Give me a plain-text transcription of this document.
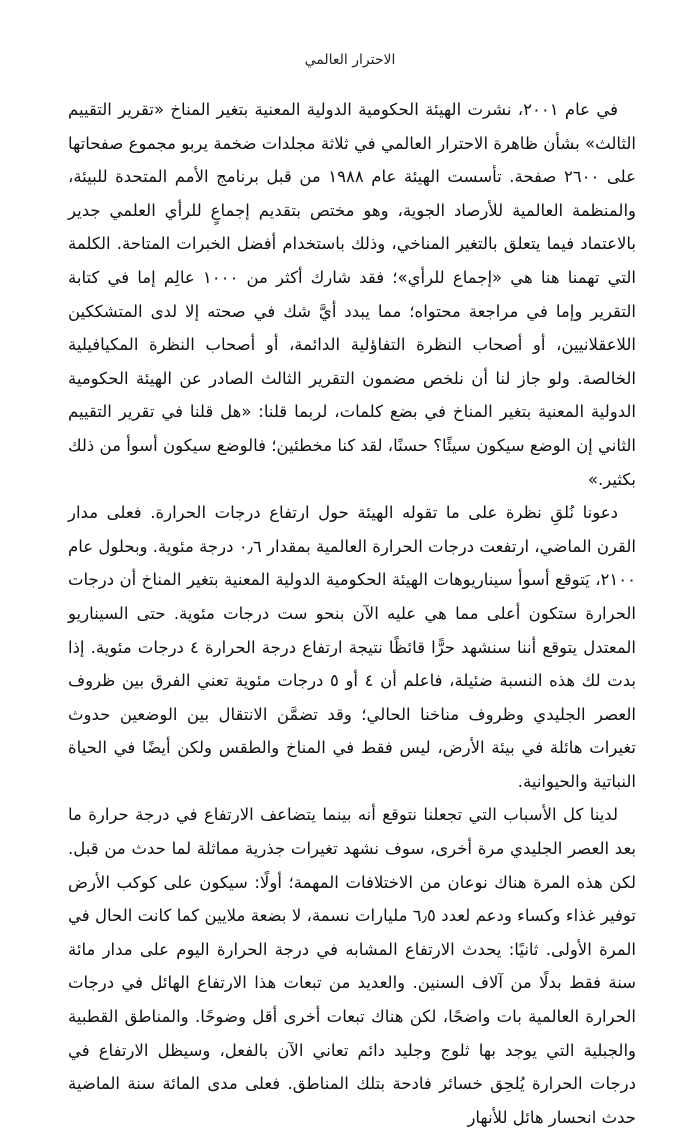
الاحترار العالمي

في عام ٢٠٠١، نشرت الهيئة الحكومية الدولية المعنية بتغير المناخ «تقرير التقييم الثالث» بشأن ظاهرة الاحترار العالمي في ثلاثة مجلدات ضخمة يربو مجموع صفحاتها على ٢٦٠٠ صفحة. تأسست الهيئة عام ١٩٨٨ من قبل برنامج الأمم المتحدة للبيئة، والمنظمة العالمية للأرصاد الجوية، وهو مختص بتقديم إجماعٍ للرأي العلمي جدير بالاعتماد فيما يتعلق بالتغير المناخي، وذلك باستخدام أفضل الخبرات المتاحة. الكلمة التي تهمنا هنا هي «إجماع للرأي»؛ فقد شارك أكثر من ١٠٠٠ عالِم إما في كتابة التقرير وإما في مراجعة محتواه؛ مما يبدد أيَّ شك في صحته إلا لدى المتشككين اللاعقلانيين، أو أصحاب النظرة التفاؤلية الدائمة، أو أصحاب النظرة المكيافيلية الخالصة. ولو جاز لنا أن نلخص مضمون التقرير الثالث الصادر عن الهيئة الحكومية الدولية المعنية بتغير المناخ في بضع كلمات، لربما قلنا: «هل قلنا في تقرير التقييم الثاني إن الوضع سيكون سيئًا؟ حسنًا، لقد كنا مخطئين؛ فالوضع سيكون أسوأ من ذلك بكثير.»

دعونا نُلقِ نظرة على ما تقوله الهيئة حول ارتفاع درجات الحرارة. فعلى مدار القرن الماضي، ارتفعت درجات الحرارة العالمية بمقدار ٠٫٦ درجة مئوية. وبحلول عام ٢١٠٠، يَتوقع أسوأ سيناريوهات الهيئة الحكومية الدولية المعنية بتغير المناخ أن درجات الحرارة ستكون أعلى مما هي عليه الآن بنحو ست درجات مئوية. حتى السيناريو المعتدل يتوقع أننا سنشهد حرًّا قائظًا نتيجة ارتفاع درجة الحرارة ٤ درجات مئوية. إذا بدت لك هذه النسبة ضئيلة، فاعلم أن ٤ أو ٥ درجات مئوية تعني الفرق بين ظروف العصر الجليدي وظروف مناخنا الحالي؛ وقد تضمَّن الانتقال بين الوضعين حدوث تغيرات هائلة في بيئة الأرض، ليس فقط في المناخ والطقس ولكن أيضًا في الحياة النباتية والحيوانية.

لدينا كل الأسباب التي تجعلنا نتوقع أنه بينما يتضاعف الارتفاع في درجة حرارة ما بعد العصر الجليدي مرة أخرى، سوف نشهد تغيرات جذرية مماثلة لما حدث من قبل. لكن هذه المرة هناك نوعان من الاختلافات المهمة؛ أولًا: سيكون على كوكب الأرض توفير غذاء وكساء ودعم لعدد ٦٫٥ مليارات نسمة، لا بضعة ملايين كما كانت الحال في المرة الأولى. ثانيًا: يحدث الارتفاع المشابه في درجة الحرارة اليوم على مدار مائة سنة فقط بدلًا من آلاف السنين. والعديد من تبعات هذا الارتفاع الهائل في درجات الحرارة العالمية بات واضحًا، لكن هناك تبعات أخرى أقل وضوحًا. والمناطق القطبية والجبلية التي يوجد بها ثلوج وجليد دائم تعاني الآن بالفعل، وسيظل الارتفاع في درجات الحرارة يُلحِق خسائر فادحة بتلك المناطق. فعلى مدى المائة سنة الماضية حدث انحسار هائل للأنهار
